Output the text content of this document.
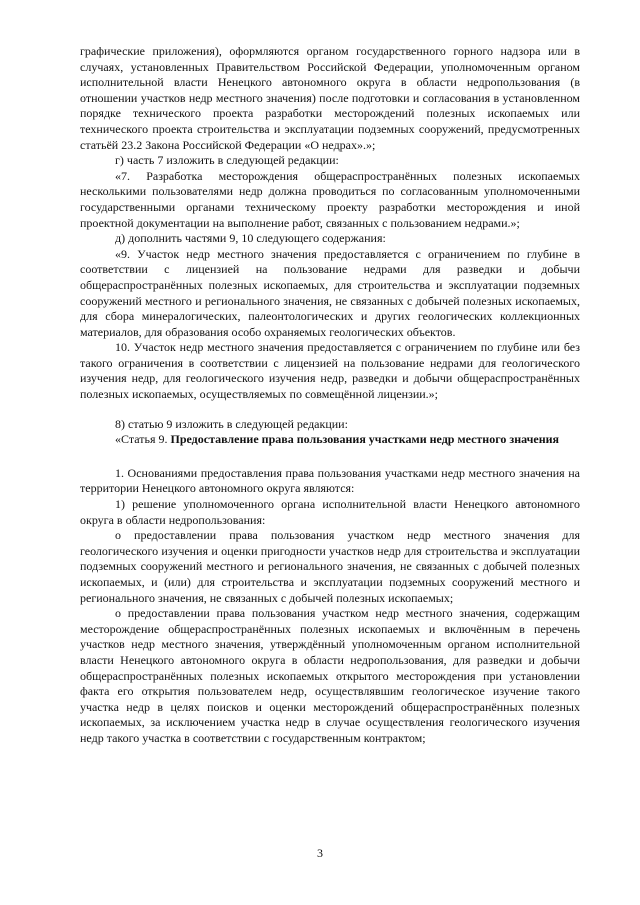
графические приложения), оформляются органом государственного горного надзора или в случаях, установленных Правительством Российской Федерации, уполномоченным органом исполнительной власти Ненецкого автономного округа в области недропользования (в отношении участков недр местного значения) после подготовки и согласования в установленном порядке технического проекта разработки месторождений полезных ископаемых или технического проекта строительства и эксплуатации подземных сооружений, предусмотренных статьёй 23.2 Закона Российской Федерации «О недрах».»;

г) часть 7 изложить в следующей редакции:

«7. Разработка месторождения общераспространённых полезных ископаемых несколькими пользователями недр должна проводиться по согласованным уполномоченными государственными органами техническому проекту разработки месторождения и иной проектной документации на выполнение работ, связанных с пользованием недрами.»;

д) дополнить частями 9, 10 следующего содержания:

«9. Участок недр местного значения предоставляется с ограничением по глубине в соответствии с лицензией на пользование недрами для разведки и добычи общераспространённых полезных ископаемых, для строительства и эксплуатации подземных сооружений местного и регионального значения, не связанных с добычей полезных ископаемых, для сбора минералогических, палеонтологических и других геологических коллекционных материалов, для образования особо охраняемых геологических объектов.

10. Участок недр местного значения предоставляется с ограничением по глубине или без такого ограничения в соответствии с лицензией на пользование недрами для геологического изучения недр, для геологического изучения недр, разведки и добычи общераспространённых полезных ископаемых, осуществляемых по совмещённой лицензии.»;

8) статью 9 изложить в следующей редакции:

«Статья 9. Предоставление права пользования участками недр местного значения

1. Основаниями предоставления права пользования участками недр местного значения на территории Ненецкого автономного округа являются:

1) решение уполномоченного органа исполнительной власти Ненецкого автономного округа в области недропользования:

о предоставлении права пользования участком недр местного значения для геологического изучения и оценки пригодности участков недр для строительства и эксплуатации подземных сооружений местного и регионального значения, не связанных с добычей полезных ископаемых, и (или) для строительства и эксплуатации подземных сооружений местного и регионального значения, не связанных с добычей полезных ископаемых;

о предоставлении права пользования участком недр местного значения, содержащим месторождение общераспространённых полезных ископаемых и включённым в перечень участков недр местного значения, утверждённый уполномоченным органом исполнительной власти Ненецкого автономного округа в области недропользования, для разведки и добычи общераспространённых полезных ископаемых открытого месторождения при установлении факта его открытия пользователем недр, осуществлявшим геологическое изучение такого участка недр в целях поисков и оценки месторождений общераспространённых полезных ископаемых, за исключением участка недр в случае осуществления геологического изучения недр такого участка в соответствии с государственным контрактом;

3
